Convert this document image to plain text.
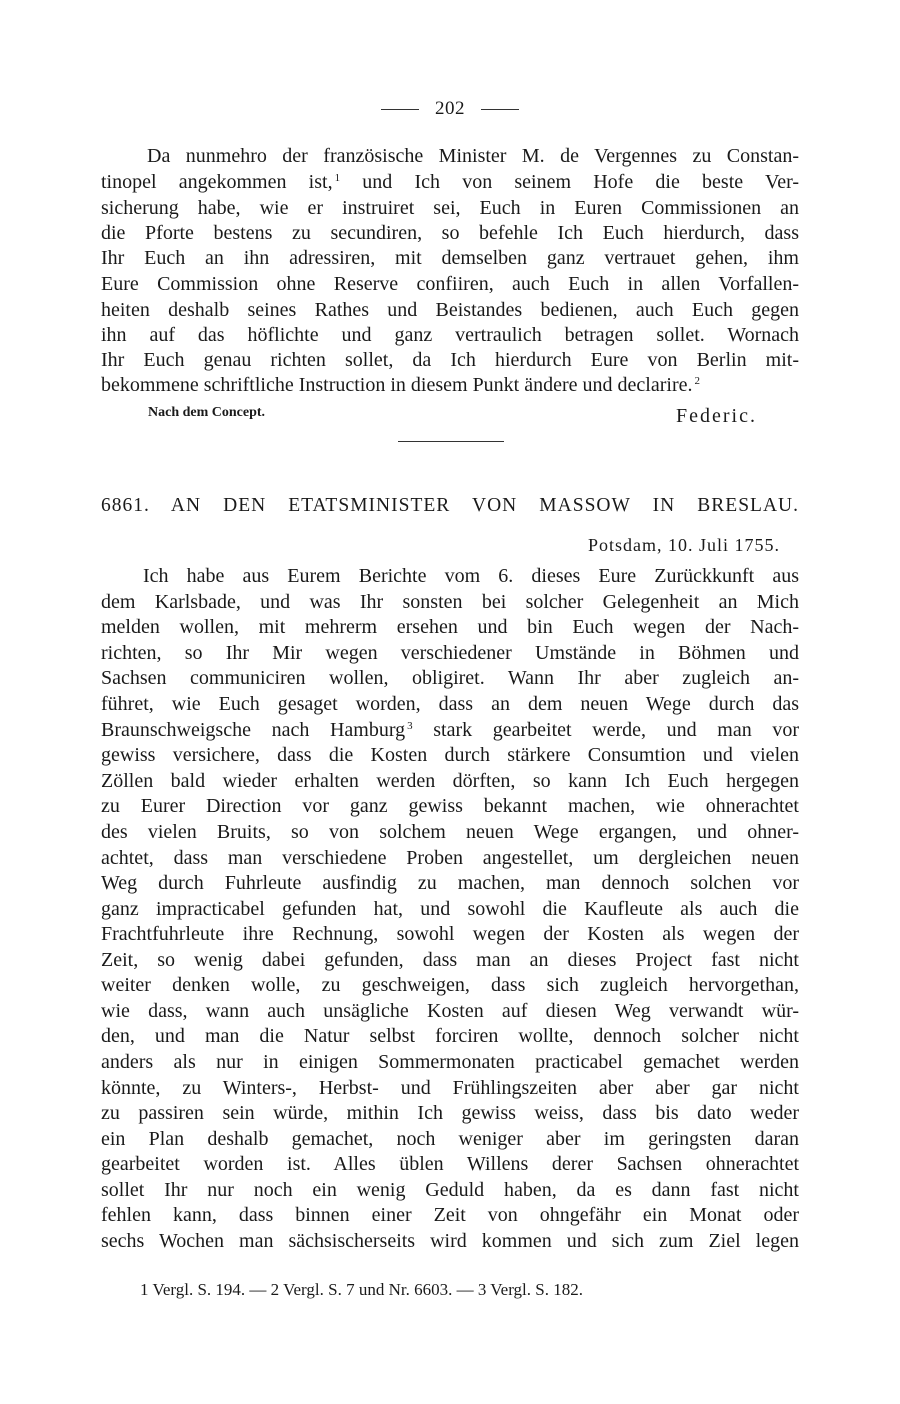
202
Da nunmehro der französische Minister M. de Vergennes zu Constan-
tinopel angekommen ist, $^1$ und Ich von seinem Hofe die beste Ver-
sicherung habe, wie er instruiret sei, Euch in Euren Commissionen an
die Pforte bestens zu secundiren, so befehle Ich Euch hierdurch, dass
Ihr Euch an ihn adressiren, mit demselben ganz vertrauet gehen, ihm
Eure Commission ohne Reserve confiiren, auch Euch in allen Vorfallen-
heiten deshalb seines Rathes und Beistandes bedienen, auch Euch gegen
ihn auf das höflichte und ganz vertraulich betragen sollet. Wornach
Ihr Euch genau richten sollet, da Ich hierdurch Eure von Berlin mit-
bekommene schriftliche Instruction in diesem Punkt ändere und declarire. $^2$
Nach dem Concept.	Federic.
6861. AN DEN ETATSMINISTER VON MASSOW IN BRESLAU.
Potsdam, 10. Juli 1755.
Ich habe aus Eurem Berichte vom 6. dieses Eure Zurückkunft aus
dem Karlsbade, und was Ihr sonsten bei solcher Gelegenheit an Mich
melden wollen, mit mehrerm ersehen und bin Euch wegen der Nach-
richten, so Ihr Mir wegen verschiedener Umstände in Böhmen und
Sachsen communiciren wollen, obligiret. Wann Ihr aber zugleich an-
führet, wie Euch gesaget worden, dass an dem neuen Wege durch das
Braunschweigsche nach Hamburg $^3$ stark gearbeitet werde, und man vor
gewiss versichere, dass die Kosten durch stärkere Consumtion und vielen
Zöllen bald wieder erhalten werden dörften, so kann Ich Euch hergegen
zu Eurer Direction vor ganz gewiss bekannt machen, wie ohnerachtet
des vielen Bruits, so von solchem neuen Wege ergangen, und ohner-
achtet, dass man verschiedene Proben angestellet, um dergleichen neuen
Weg durch Fuhrleute ausfindig zu machen, man dennoch solchen vor
ganz impracticabel gefunden hat, und sowohl die Kaufleute als auch die
Frachtfuhrleute ihre Rechnung, sowohl wegen der Kosten als wegen der
Zeit, so wenig dabei gefunden, dass man an dieses Project fast nicht
weiter denken wolle, zu geschweigen, dass sich zugleich hervorgethan,
wie dass, wann auch unsägliche Kosten auf diesen Weg verwandt wür-
den, und man die Natur selbst forciren wollte, dennoch solcher nicht
anders als nur in einigen Sommermonaten practicabel gemachet werden
könnte, zu Winters-, Herbst- und Frühlingszeiten aber aber gar nicht
zu passiren sein würde, mithin Ich gewiss weiss, dass bis dato weder
ein Plan deshalb gemachet, noch weniger aber im geringsten daran
gearbeitet worden ist. Alles üblen Willens derer Sachsen ohnerachtet
sollet Ihr nur noch ein wenig Geduld haben, da es dann fast nicht
fehlen kann, dass binnen einer Zeit von ohngefähr ein Monat oder
sechs Wochen man sächsischerseits wird kommen und sich zum Ziel legen
1 Vergl. S. 194. — 2 Vergl. S. 7 und Nr. 6603. — 3 Vergl. S. 182.
